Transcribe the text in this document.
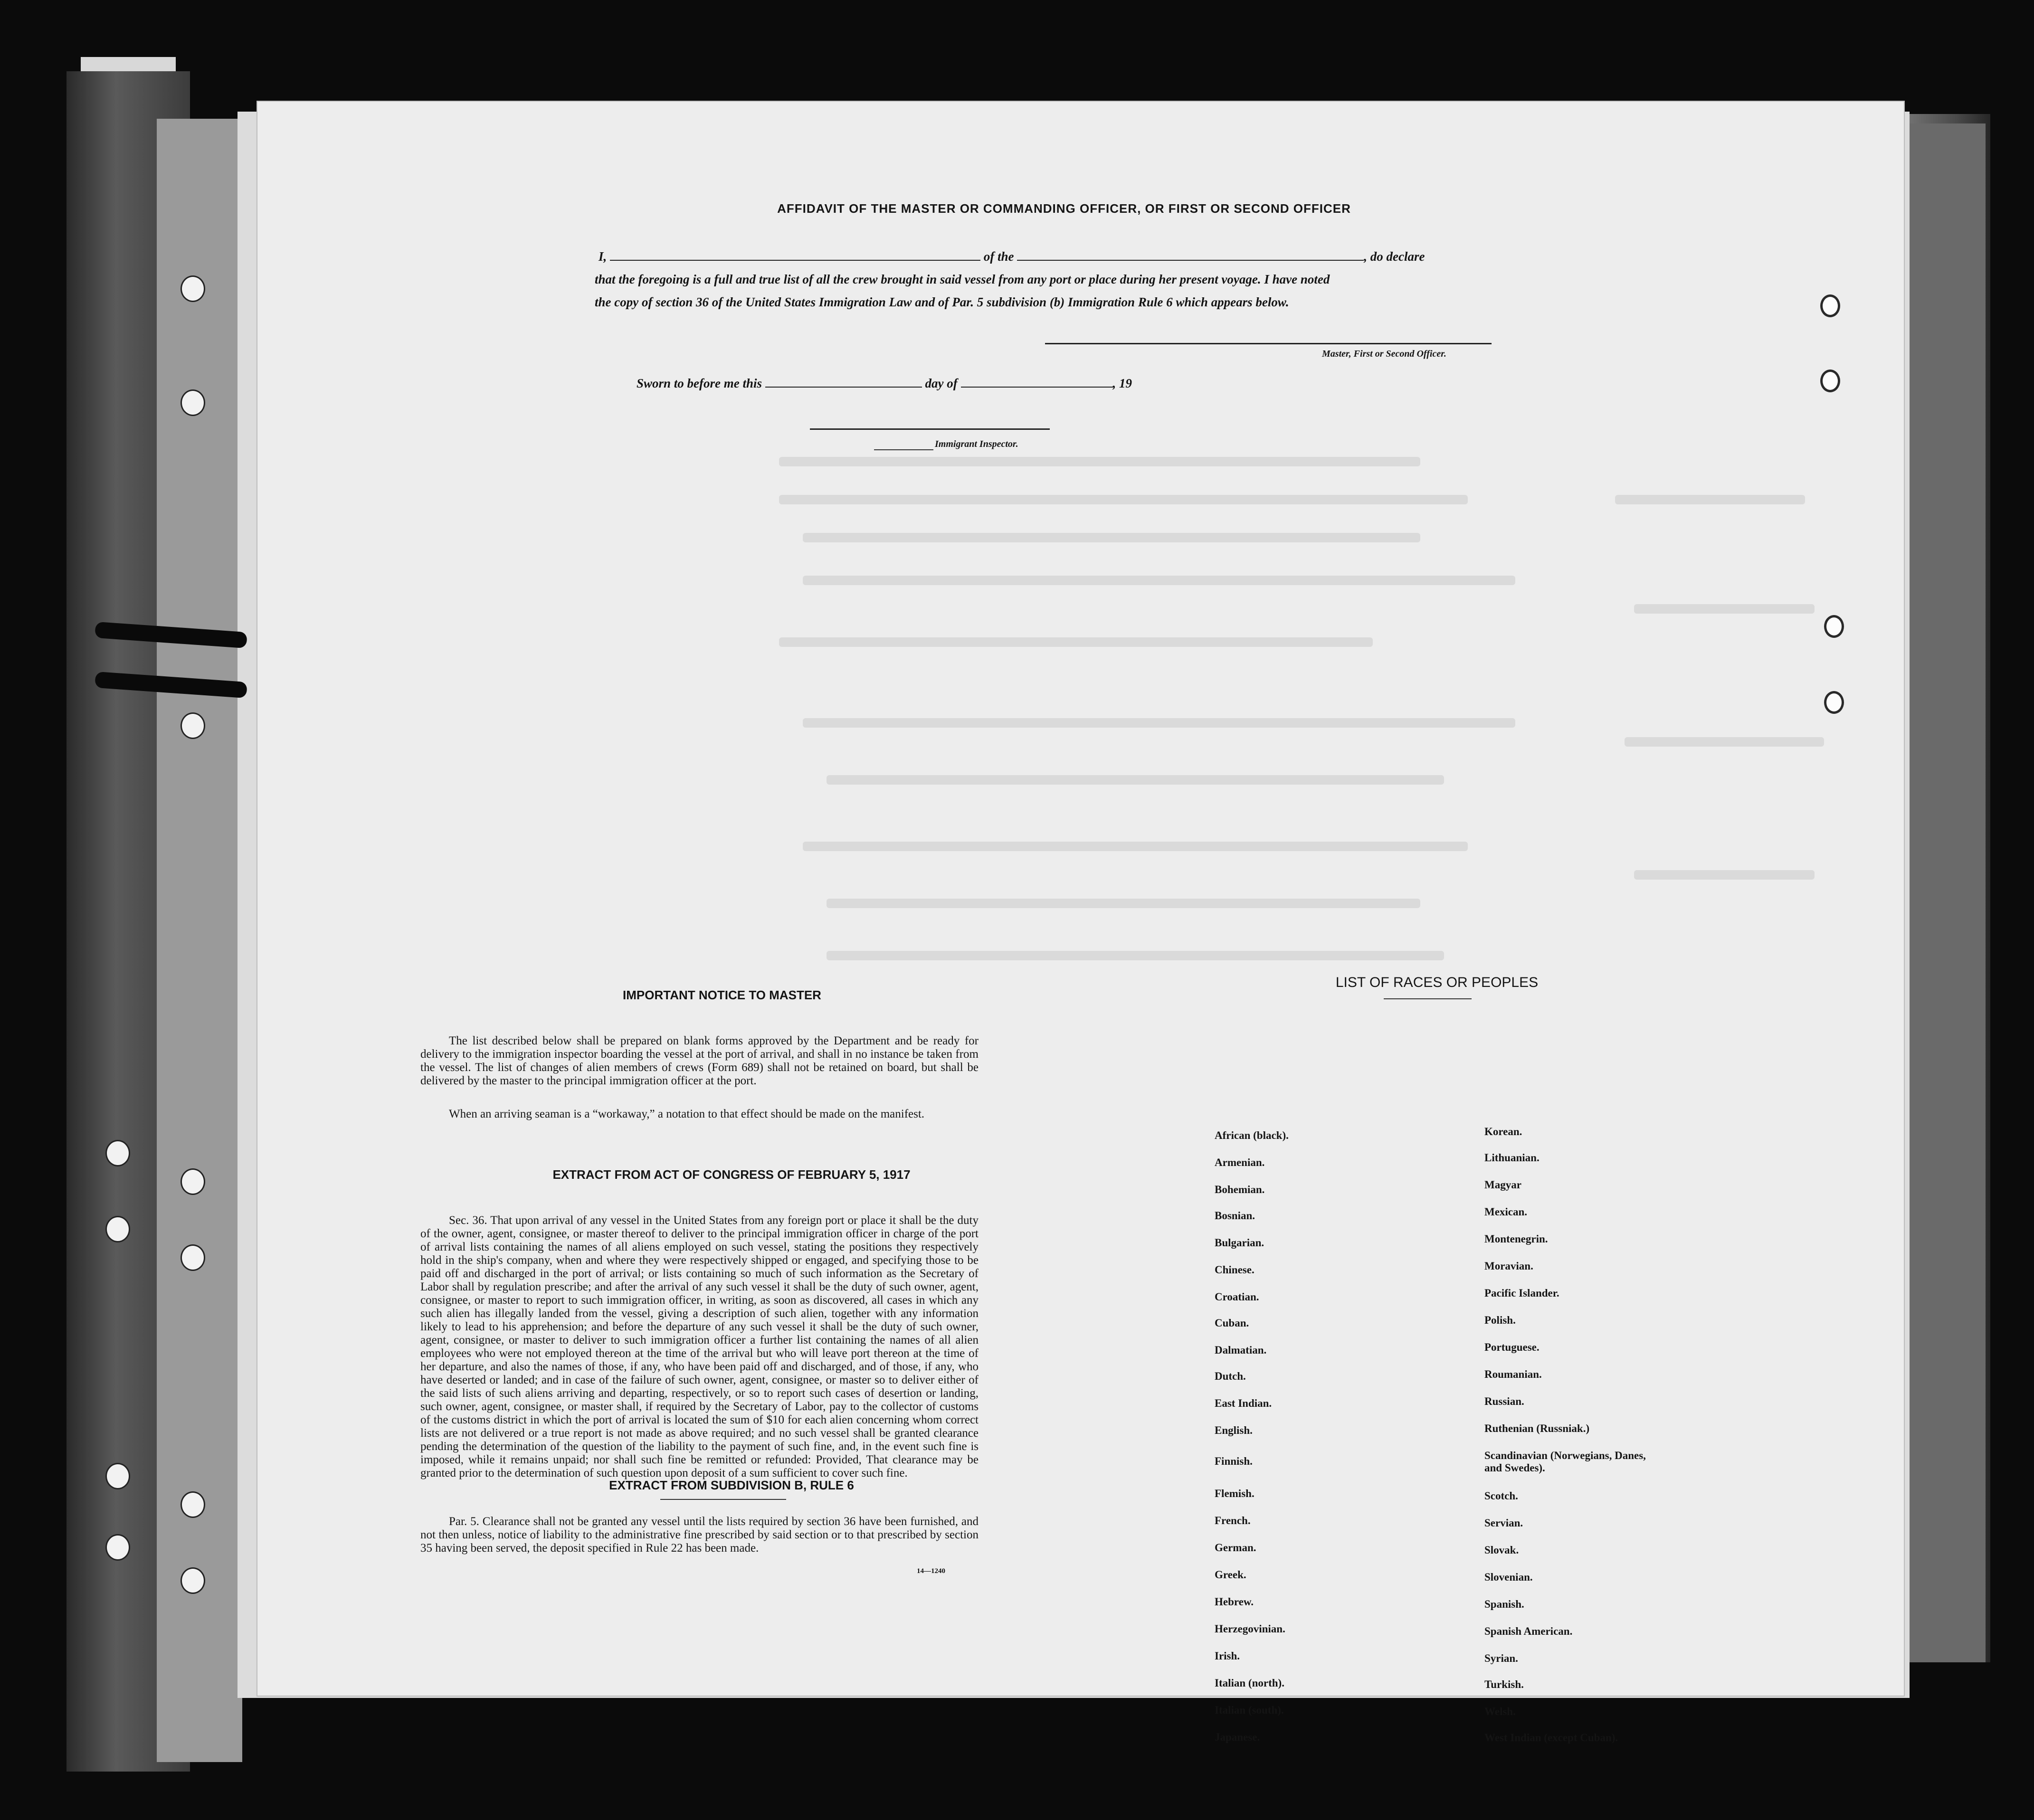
AFFIDAVIT OF THE MASTER OR COMMANDING OFFICER, OR FIRST OR SECOND OFFICER
I,	of the	, do declare
that the foregoing is a full and true list of all the crew brought in said vessel from any port or place during her present voyage. I have noted
the copy of section 36 of the United States Immigration Law and of Par. 5 subdivision (b) Immigration Rule 6 which appears below.
Master, First or Second Officer.
Sworn to before me this	day of	, 19
Immigrant Inspector.
IMPORTANT NOTICE TO MASTER

The list described below shall be prepared on blank forms approved by the Department and be ready for delivery to the immigration inspector boarding the vessel at the port of arrival, and shall in no instance be taken from the vessel. The list of changes of alien members of crews (Form 689) shall not be retained on board, but shall be delivered by the master to the principal immigration officer at the port.

When an arriving seaman is a “workaway,” a notation to that effect should be made on the manifest.

EXTRACT FROM ACT OF CONGRESS OF FEBRUARY 5, 1917

Sec. 36. That upon arrival of any vessel in the United States from any foreign port or place it shall be the duty of the owner, agent, consignee, or master thereof to deliver to the principal immigration officer in charge of the port of arrival lists containing the names of all aliens employed on such vessel, stating the positions they respectively hold in the ship's company, when and where they were respectively shipped or engaged, and specifying those to be paid off and discharged in the port of arrival; or lists containing so much of such information as the Secretary of Labor shall by regulation prescribe; and after the arrival of any such vessel it shall be the duty of such owner, agent, consignee, or master to report to such immigration officer, in writing, as soon as discovered, all cases in which any such alien has illegally landed from the vessel, giving a description of such alien, together with any information likely to lead to his apprehension; and before the departure of any such vessel it shall be the duty of such owner, agent, consignee, or master to deliver to such immigration officer a further list containing the names of all alien employees who were not employed thereon at the time of the arrival but who will leave port thereon at the time of her departure, and also the names of those, if any, who have been paid off and discharged, and of those, if any, who have deserted or landed; and in case of the failure of such owner, agent, consignee, or master so to deliver either of the said lists of such aliens arriving and departing, respectively, or so to report such cases of desertion or landing, such owner, agent, consignee, or master shall, if required by the Secretary of Labor, pay to the collector of customs of the customs district in which the port of arrival is located the sum of $10 for each alien concerning whom correct lists are not delivered or a true report is not made as above required; and no such vessel shall be granted clearance pending the determination of the question of the liability to the payment of such fine, and, in the event such fine is imposed, while it remains unpaid; nor shall such fine be remitted or refunded: Provided, That clearance may be granted prior to the determination of such question upon deposit of a sum sufficient to cover such fine.

EXTRACT FROM SUBDIVISION B, RULE 6

Par. 5. Clearance shall not be granted any vessel until the lists required by section 36 have been furnished, and not then unless, notice of liability to the administrative fine prescribed by said section or to that prescribed by section 35 having been served, the deposit specified in Rule 22 has been made.

14—1240
LIST OF RACES OR PEOPLES
African (black).
Armenian.
Bohemian.
Bosnian.
Bulgarian.
Chinese.
Croatian.
Cuban.
Dalmatian.
Dutch.
East Indian.
English.
Finnish.
Flemish.
French.
German.
Greek.
Hebrew.
Herzegovinian.
Irish.
Italian (north).
Italian (south).
Japanese.
Korean.
Lithuanian.
Magyar
Mexican.
Montenegrin.
Moravian.
Pacific Islander.
Polish.
Portuguese.
Roumanian.
Russian.
Ruthenian (Russniak.)
Scandinavian (Norwegians, Danes, and Swedes).
Scotch.
Servian.
Slovak.
Slovenian.
Spanish.
Spanish American.
Syrian.
Turkish.
Welsh.
West Indian (except Cuban).
